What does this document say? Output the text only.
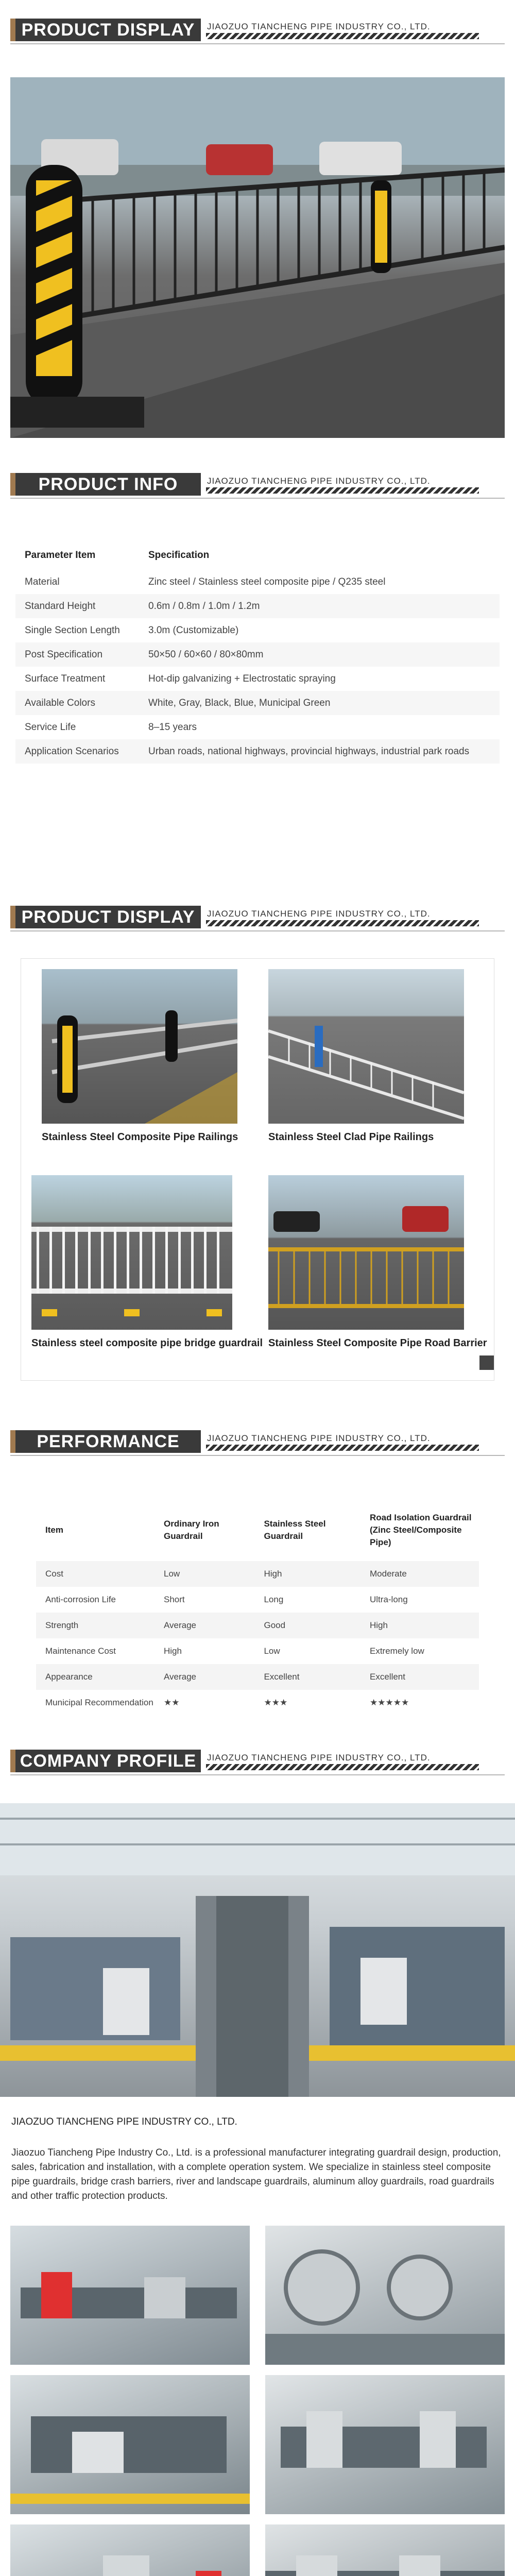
PRODUCT DISPLAY JIAOZUO TIANCHENG PIPE INDUSTRY CO., LTD.
PRODUCT INFO	JIAOZUO TIANCHENG PIPE INDUSTRY CO., LTD.
Parameter Item	Specification
Material	Zinc steel / Stainless steel composite pipe / Q235 steel
Standard Height	0.6m / 0.8m / 1.0m / 1.2m
Single Section Length	3.0m (Customizable)
Post Specification	50×50 / 60×60 / 80×80mm
Surface Treatment	Hot-dip galvanizing + Electrostatic spraying
Available Colors	White, Gray, Black, Blue, Municipal Green
Service Life	8–15 years
Application Scenarios	Urban roads, national highways, provincial highways, industrial park roads
PRODUCT DISPLAY JIAOZUO TIANCHENG PIPE INDUSTRY CO., LTD.
Stainless Steel Composite Pipe Railings	Stainless Steel Clad Pipe Railings
Stainless steel composite pipe bridge guardrail Stainless Steel Composite Pipe Road Barrier
PERFORMANCE	JIAOZUO TIANCHENG PIPE INDUSTRY CO., LTD.
Item	Ordinary Iron Guardrail	Stainless Steel Guardrail	Road Isolation Guardrail (Zinc Steel/Composite Pipe)
Cost	Low	High	Moderate
Anti-corrosion Life	Short	Long	Ultra-long
Strength	Average	Good	High
Maintenance Cost	High	Low	Extremely low
Appearance	Average	Excellent	Excellent
Municipal Recommendation	★★	★★★	★★★★★
COMPANY PROFILE JIAOZUO TIANCHENG PIPE INDUSTRY CO., LTD.
JIAOZUO TIANCHENG PIPE INDUSTRY CO., LTD.
Jiaozuo Tiancheng Pipe Industry Co., Ltd. is a professional manufacturer integrating guardrail design, production, sales, fabrication and installation, with a complete operation system. We specialize in stainless steel composite pipe guardrails, bridge crash barriers, river and landscape guardrails, aluminum alloy guardrails, road guardrails and other traffic protection products.
